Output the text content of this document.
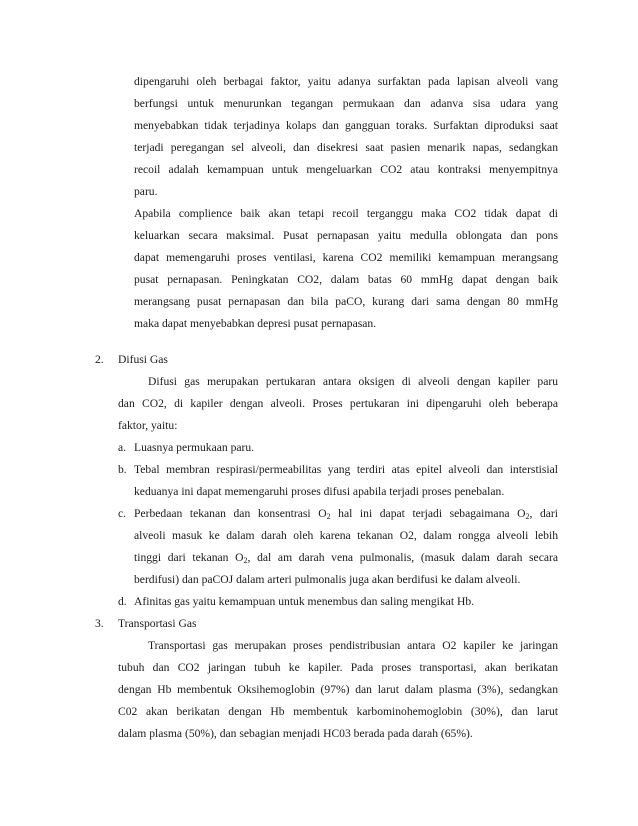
dipengaruhi oleh berbagai faktor, yaitu adanya surfaktan pada lapisan alveoli vang
berfungsi untuk menurunkan tegangan permukaan dan adanva sisa udara yang
menyebabkan tidak terjadinya kolaps dan gangguan toraks. Surfaktan diproduksi saat
terjadi peregangan sel alveoli, dan disekresi saat pasien menarik napas, sedangkan
recoil adalah kemampuan untuk mengeluarkan CO2 atau kontraksi menyempitnya
paru.
Apabila complience baik akan tetapi recoil terganggu maka CO2 tidak dapat di
keluarkan secara maksimal. Pusat pernapasan yaitu medulla oblongata dan pons
dapat memengaruhi proses ventilasi, karena CO2 memiliki kemampuan merangsang
pusat pernapasan. Peningkatan CO2, dalam batas 60 mmHg dapat dengan baik
merangsang pusat pernapasan dan bila paCO, kurang dari sama dengan 80 mmHg
maka dapat menyebabkan depresi pusat pernapasan.
2. Difusi Gas
Difusi gas merupakan pertukaran antara oksigen di alveoli dengan kapiler paru
dan CO2, di kapiler dengan alveoli. Proses pertukaran ini dipengaruhi oleh beberapa
faktor, yaitu:
a. Luasnya permukaan paru.
b. Tebal membran respirasi/permeabilitas yang terdiri atas epitel alveoli dan interstisial
keduanya ini dapat memengaruhi proses difusi apabila terjadi proses penebalan.
c. Perbedaan tekanan dan konsentrasi $O_2$ hal ini dapat terjadi sebagaimana $O_2$, dari
alveoli masuk ke dalam darah oleh karena tekanan O2, dalam rongga alveoli lebih
tinggi dari tekanan $O_2$, dal am darah vena pulmonalis, (masuk dalam darah secara
berdifusi) dan paCOJ dalam arteri pulmonalis juga akan berdifusi ke dalam alveoli.
d. Afinitas gas yaitu kemampuan untuk menembus dan saling mengikat Hb.
3. Transportasi Gas
Transportasi gas merupakan proses pendistribusian antara O2 kapiler ke jaringan
tubuh dan CO2 jaringan tubuh ke kapiler. Pada proses transportasi, akan berikatan
dengan Hb membentuk Oksihemoglobin (97%) dan larut dalam plasma (3%), sedangkan
C02 akan berikatan dengan Hb membentuk karbominohemoglobin (30%), dan larut
dalam plasma (50%), dan sebagian menjadi HC03 berada pada darah (65%).
